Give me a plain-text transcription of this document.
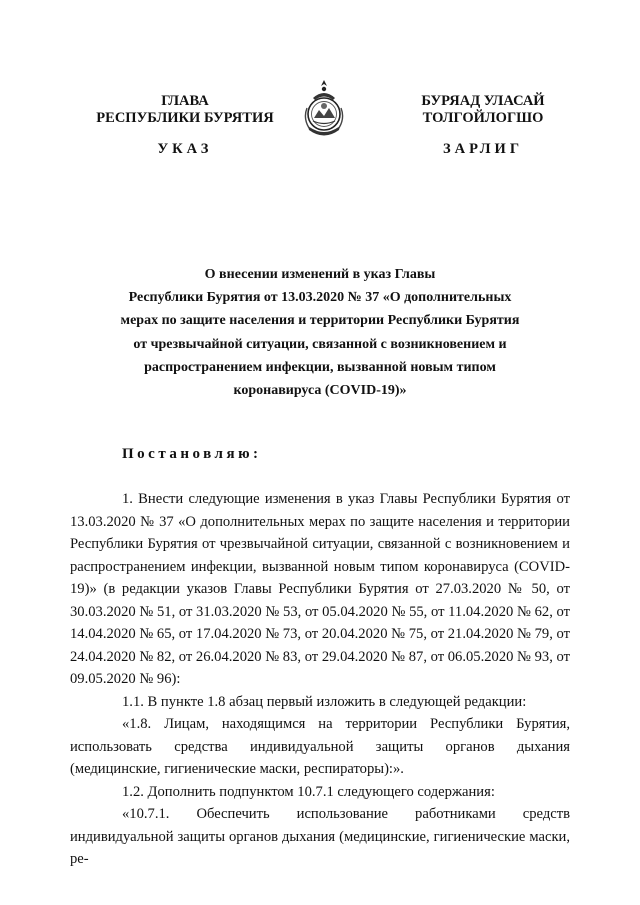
ГЛАВА
РЕСПУБЛИКИ БУРЯТИЯ
УКАЗ
БУРЯАД УЛАСАЙ
ТОЛГОЙЛОГШО
ЗАРЛИГ
О внесении изменений в указ Главы
Республики Бурятия от 13.03.2020 № 37 «О дополнительных
мерах по защите населения и территории Республики Бурятия
от чрезвычайной ситуации, связанной с возникновением и
распространением инфекции, вызванной новым типом
коронавируса (COVID-19)»
Постановляю:

1. Внести следующие изменения в указ Главы Республики Бурятия от 13.03.2020 № 37 «О дополнительных мерах по защите населения и территории Республики Бурятия от чрезвычайной ситуации, связанной с возникновением и распространением инфекции, вызванной новым типом коронавируса (COVID-19)» (в редакции указов Главы Республики Бурятия от 27.03.2020 № 50, от 30.03.2020 № 51, от 31.03.2020 № 53, от 05.04.2020 № 55, от 11.04.2020 № 62, от 14.04.2020 № 65, от 17.04.2020 № 73, от 20.04.2020 № 75, от 21.04.2020 № 79, от 24.04.2020 № 82, от 26.04.2020 № 83, от 29.04.2020 № 87, от 06.05.2020 № 93, от 09.05.2020 № 96):

1.1. В пункте 1.8 абзац первый изложить в следующей редакции:

«1.8. Лицам, находящимся на территории Республики Бурятия, использовать средства индивидуальной защиты органов дыхания (медицинские, гигиенические маски, респираторы):».

1.2. Дополнить подпунктом 10.7.1 следующего содержания:

«10.7.1. Обеспечить использование работниками средств индивидуальной защиты органов дыхания (медицинские, гигиенические маски, ре-
